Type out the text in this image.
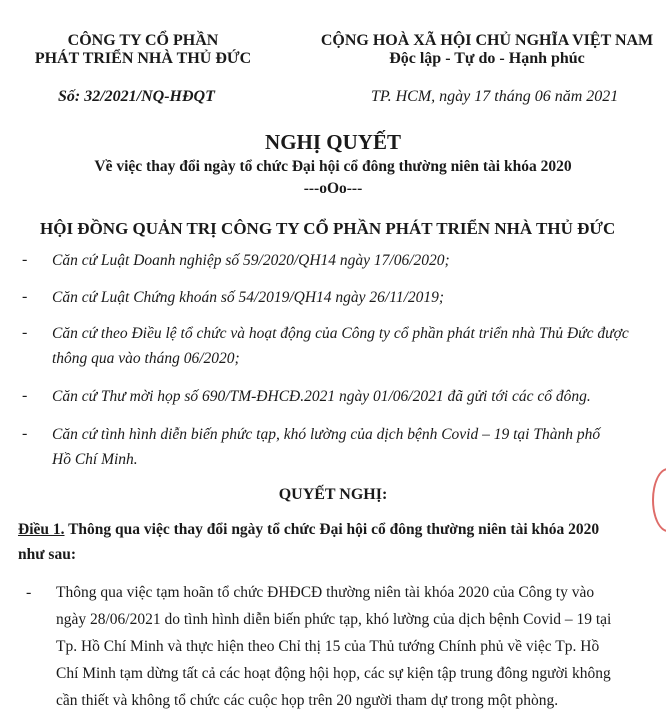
CÔNG TY CỔ PHẦN
PHÁT TRIỂN NHÀ THỦ ĐỨC
CỘNG HOÀ XÃ HỘI CHỦ NGHĨA VIỆT NAM
Độc lập - Tự do - Hạnh phúc
Số: 32/2021/NQ-HĐQT	TP. HCM, ngày 17 tháng 06 năm 2021
NGHỊ QUYẾT
Về việc thay đổi ngày tổ chức Đại hội cổ đông thường niên tài khóa 2020
---oOo---
HỘI ĐỒNG QUẢN TRỊ CÔNG TY CỔ PHẦN PHÁT TRIỂN NHÀ THỦ ĐỨC
- Căn cứ Luật Doanh nghiệp số 59/2020/QH14 ngày 17/06/2020;
- Căn cứ Luật Chứng khoán số 54/2019/QH14 ngày 26/11/2019;
- Căn cứ theo Điều lệ tổ chức và hoạt động của Công ty cổ phần phát triển nhà Thủ Đức được
thông qua vào tháng 06/2020;
- Căn cứ Thư mời họp số 690/TM-ĐHCĐ.2021 ngày 01/06/2021 đã gửi tới các cổ đông.
- Căn cứ tình hình diễn biến phức tạp, khó lường của dịch bệnh Covid – 19 tại Thành phố
Hồ Chí Minh.
QUYẾT NGHỊ:
Điều 1. Thông qua việc thay đổi ngày tổ chức Đại hội cổ đông thường niên tài khóa 2020
như sau:
- Thông qua việc tạm hoãn tổ chức ĐHĐCĐ thường niên tài khóa 2020 của Công ty vào
ngày 28/06/2021 do tình hình diễn biến phức tạp, khó lường của dịch bệnh Covid – 19 tại
Tp. Hồ Chí Minh và thực hiện theo Chỉ thị 15 của Thủ tướng Chính phủ về việc Tp. Hồ
Chí Minh tạm dừng tất cả các hoạt động hội họp, các sự kiện tập trung đông người không
cần thiết và không tổ chức các cuộc họp trên 20 người tham dự trong một phòng.
